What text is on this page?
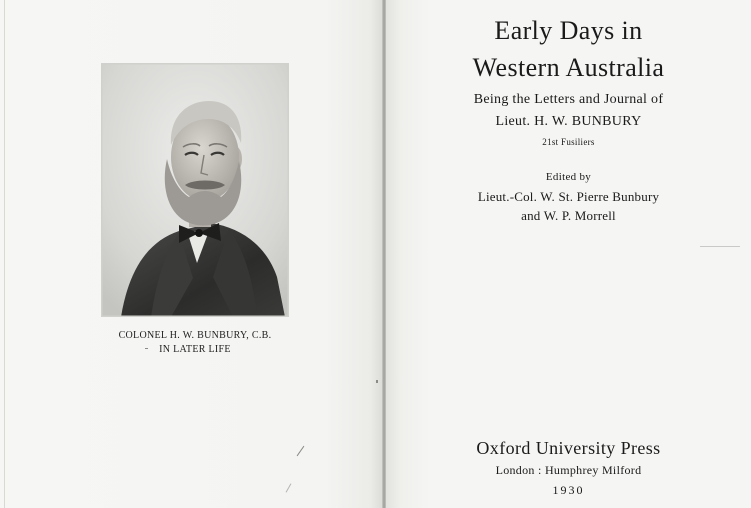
COLONEL H. W. BUNBURY, C.B.
IN LATER LIFE
Early Days in
Western Australia
Being the Letters and Journal of
Lieut. H. W. BUNBURY
21st Fusiliers
Edited by
Lieut.-Col. W. St. Pierre Bunbury
and W. P. Morrell
Oxford University Press
London : Humphrey Milford
1930
